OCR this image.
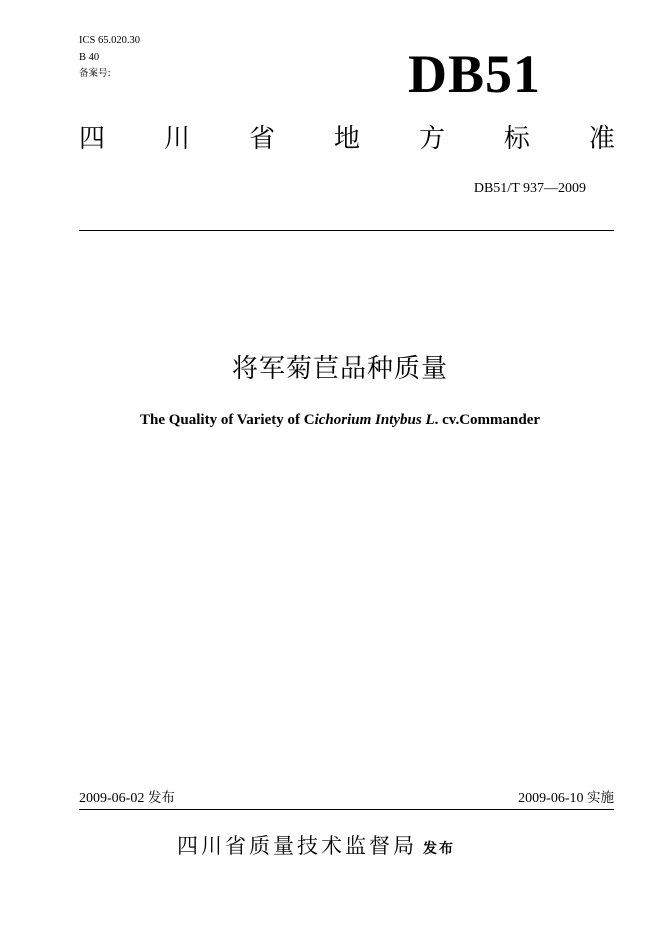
ICS 65.020.30
B 40
备案号:	DB51
四 川 省 地 方 标 准
DB51/T 937—2009
将军菊苣品种质量
The Quality of Variety of Cichorium Intybus L. cv.Commander
2009-06-02 发布	2009-06-10 实施
四川省质量技术监督局 发布
